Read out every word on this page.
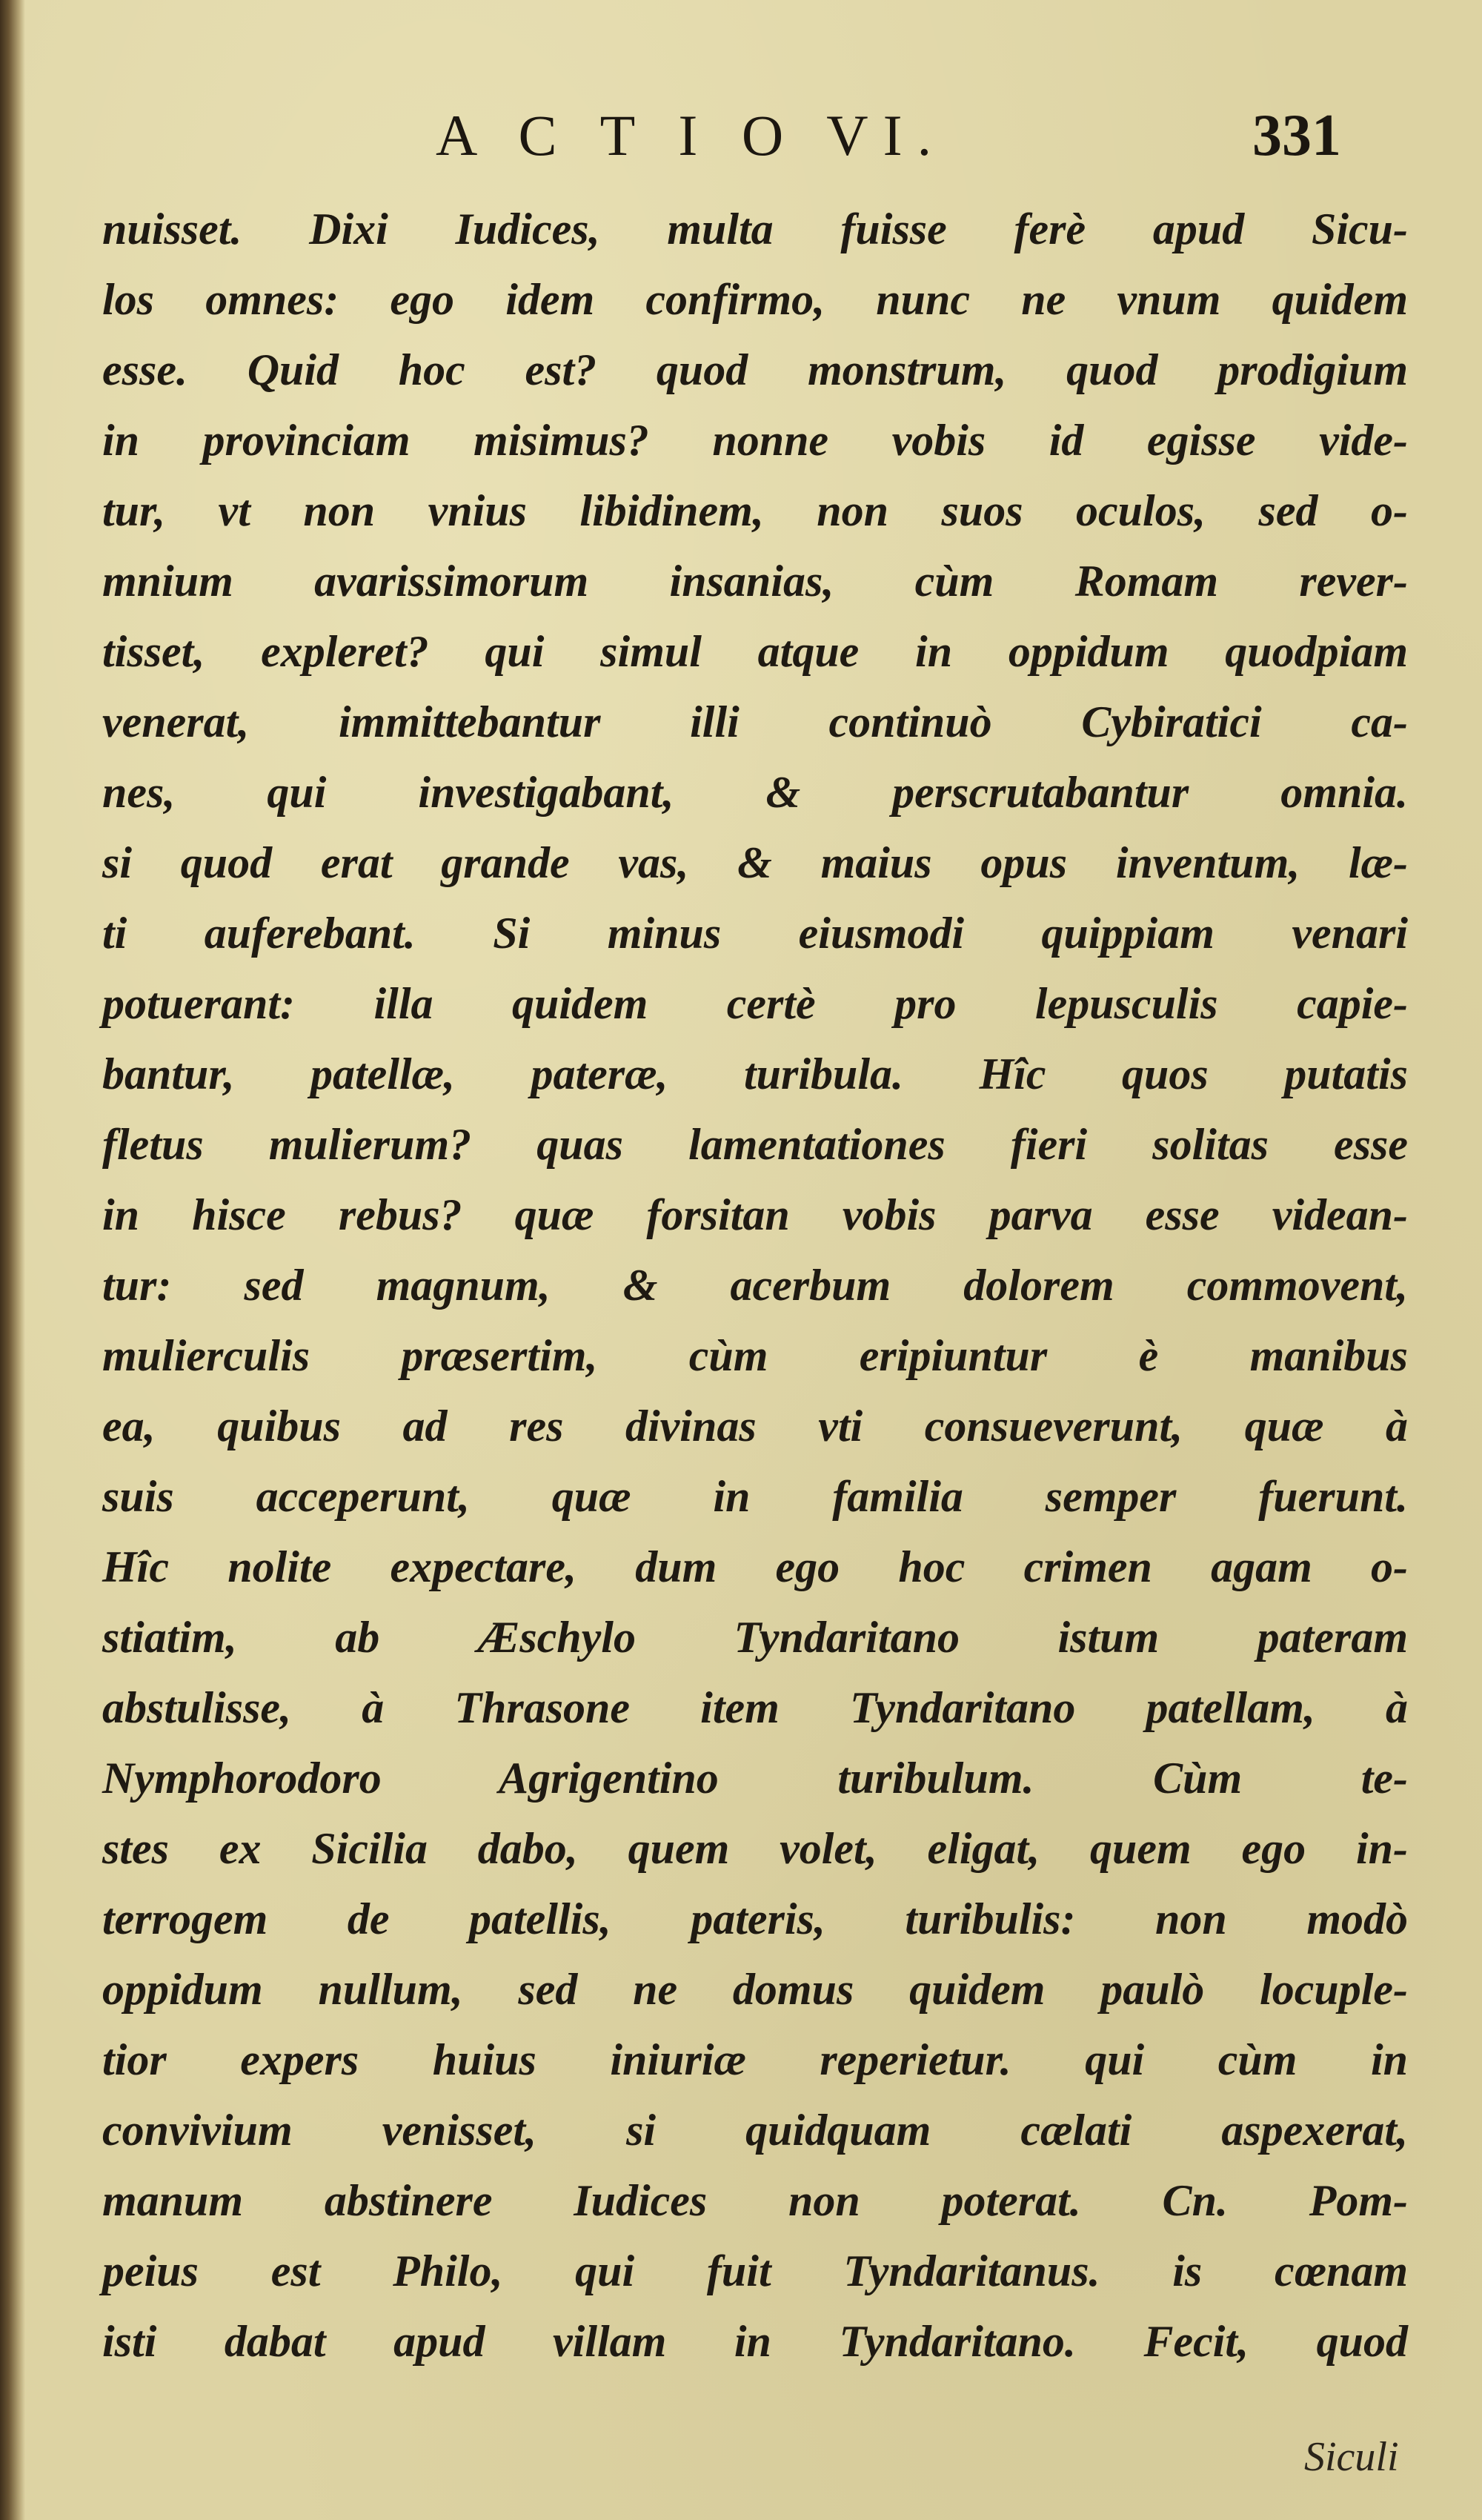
A C T I O VI.	331
nuisset. Dixi Iudices, multa fuisse ferè apud Sicu-
los omnes: ego idem confirmo, nunc ne vnum quidem
esse. Quid hoc est? quod monstrum, quod prodigium
in provinciam misimus? nonne vobis id egisse vide-
tur, vt non vnius libidinem, non suos oculos, sed o-
mnium avarissimorum insanias, cùm Romam rever-
tisset, expleret? qui simul atque in oppidum quodpiam
venerat, immittebantur illi continuò Cybiratici ca-
nes, qui investigabant, & perscrutabantur omnia.
si quod erat grande vas, & maius opus inventum, læ-
ti auferebant. Si minus eiusmodi quippiam venari
potuerant: illa quidem certè pro lepusculis capie-
bantur, patellæ, pateræ, turibula. Hîc quos putatis
fletus mulierum? quas lamentationes fieri solitas esse
in hisce rebus? quæ forsitan vobis parva esse videan-
tur: sed magnum, & acerbum dolorem commovent,
mulierculis præsertim, cùm eripiuntur è manibus
ea, quibus ad res divinas vti consueverunt, quæ à
suis acceperunt, quæ in familia semper fuerunt.
Hîc nolite expectare, dum ego hoc crimen agam o-
stiatim, ab Æschylo Tyndaritano istum pateram
abstulisse, à Thrasone item Tyndaritano patellam, à
Nymphorodoro Agrigentino turibulum. Cùm te-
stes ex Sicilia dabo, quem volet, eligat, quem ego in-
terrogem de patellis, pateris, turibulis: non modò
oppidum nullum, sed ne domus quidem paulò locuple-
tior expers huius iniuriæ reperietur. qui cùm in
convivium venisset, si quidquam cælati aspexerat,
manum abstinere Iudices non poterat. Cn. Pom-
peius est Philo, qui fuit Tyndaritanus. is cœnam
isti dabat apud villam in Tyndaritano. Fecit, quod
Siculi
